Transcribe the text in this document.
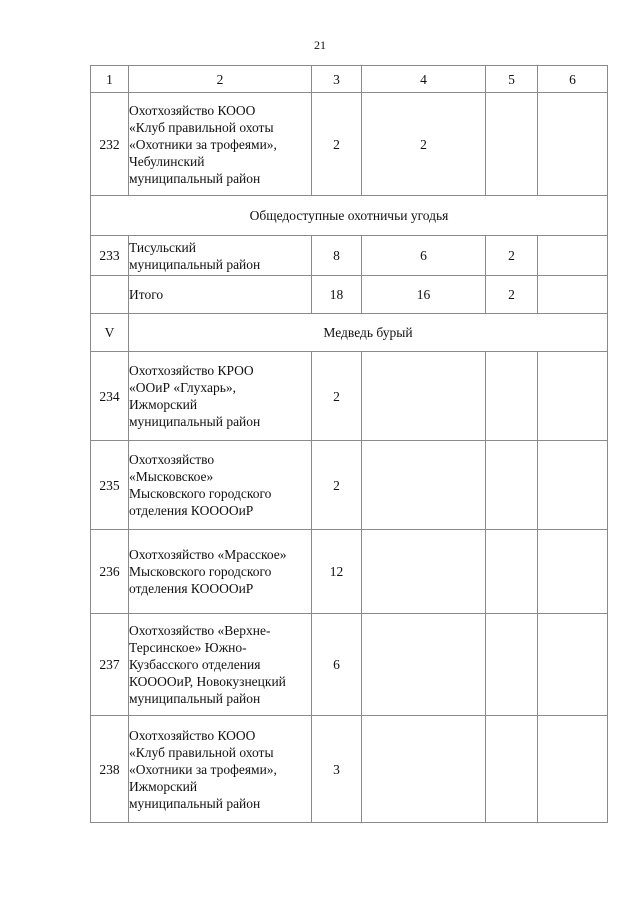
21
1	2	3	4	5	6
232	Охотхозяйство КООО
«Клуб правильной охоты
«Охотники за трофеями»,
Чебулинский
муниципальный район	2	2		
Общедоступные охотничьи угодья					
233	Тисульский
муниципальный район	8	6	2	
	Итого	18	16	2	
V	Медведь бурый				
234	Охотхозяйство КРОО
«ООиР «Глухарь»,
Ижморский
муниципальный район	2			
235	Охотхозяйство
«Мысковское»
Мысковского городского
отделения КООООиР	2			
236	Охотхозяйство «Мрасское»
Мысковского городского
отделения КООООиР	12			
237	Охотхозяйство «Верхне-
Терсинское» Южно-
Кузбасского отделения
КООООиР, Новокузнецкий
муниципальный район	6			
238	Охотхозяйство КООО
«Клуб правильной охоты
«Охотники за трофеями»,
Ижморский
муниципальный район	3			
